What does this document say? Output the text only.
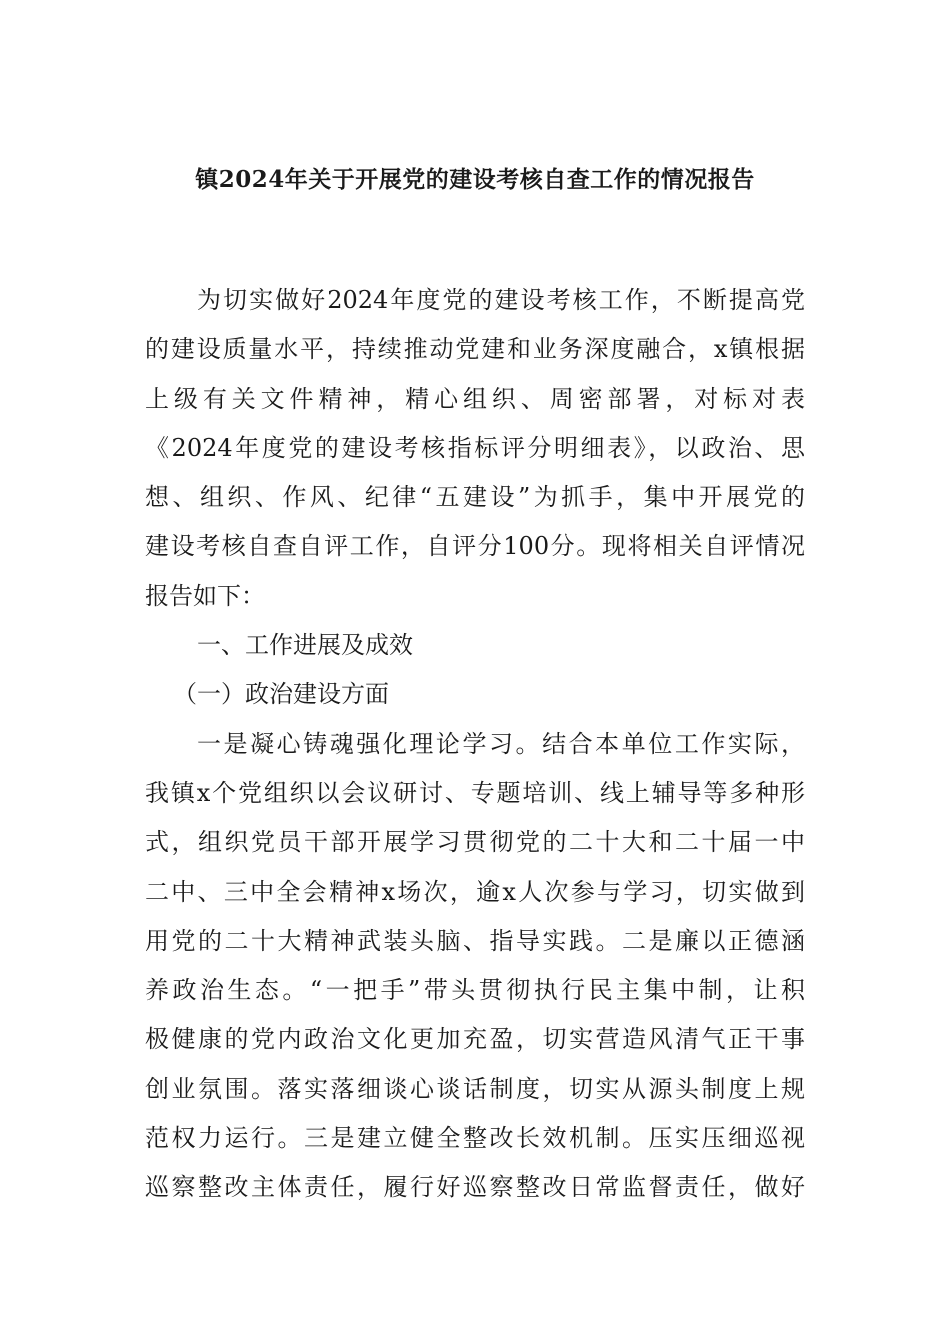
镇2024年关于开展党的建设考核自查工作的情况报告
为切实做好2024年度党的建设考核工作，不断提高党
的建设质量水平，持续推动党建和业务深度融合，x镇根据
上级有关文件精神，精心组织、周密部署，对标对表
《2024年度党的建设考核指标评分明细表》，以政治、思
想、组织、作风、纪律“五建设”为抓手，集中开展党的
建设考核自查自评工作，自评分100分。现将相关自评情况
报告如下：
一、工作进展及成效
（一）政治建设方面
一是凝心铸魂强化理论学习。结合本单位工作实际，
我镇x个党组织以会议研讨、专题培训、线上辅导等多种形
式，组织党员干部开展学习贯彻党的二十大和二十届一中
二中、三中全会精神x场次，逾x人次参与学习，切实做到
用党的二十大精神武装头脑、指导实践。二是廉以正德涵
养政治生态。“一把手”带头贯彻执行民主集中制，让积
极健康的党内政治文化更加充盈，切实营造风清气正干事
创业氛围。落实落细谈心谈话制度，切实从源头制度上规
范权力运行。三是建立健全整改长效机制。压实压细巡视
巡察整改主体责任，履行好巡察整改日常监督责任，做好
